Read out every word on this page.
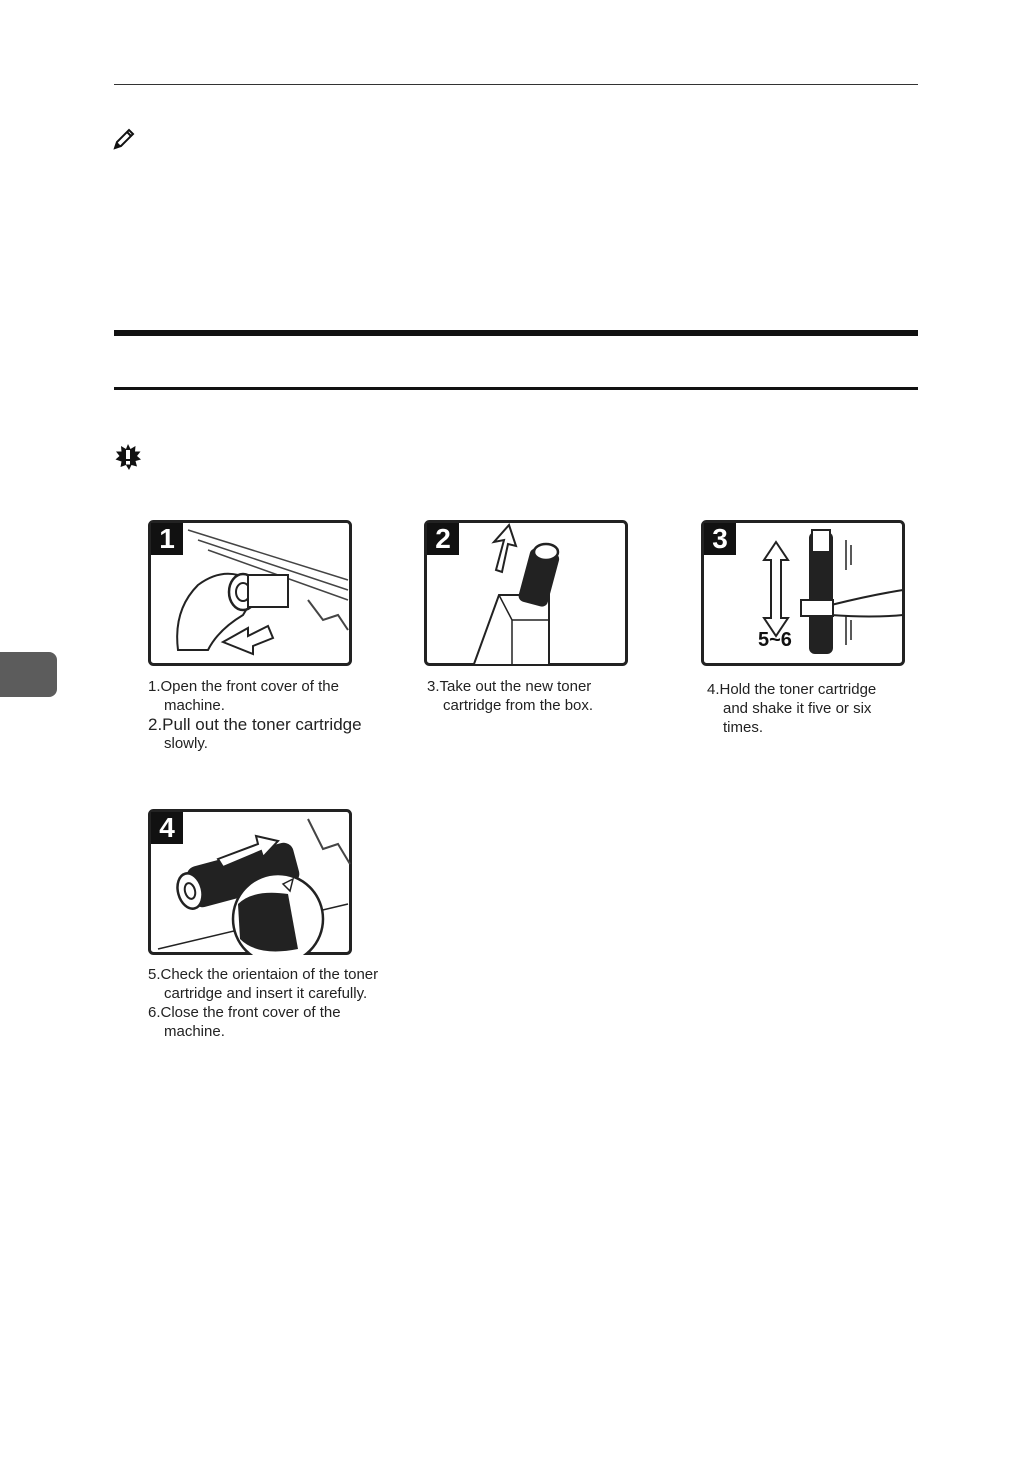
1
1.Open the front cover of the
machine.
2.Pull out the toner cartridge
slowly.
2
3.Take out the new toner
cartridge from the box.
3
5~6
4.Hold the toner cartridge
and shake it five or six
times.
4
5.Check the orientaion of the toner
cartridge and insert it carefully.
6.Close the front cover of the
machine.
